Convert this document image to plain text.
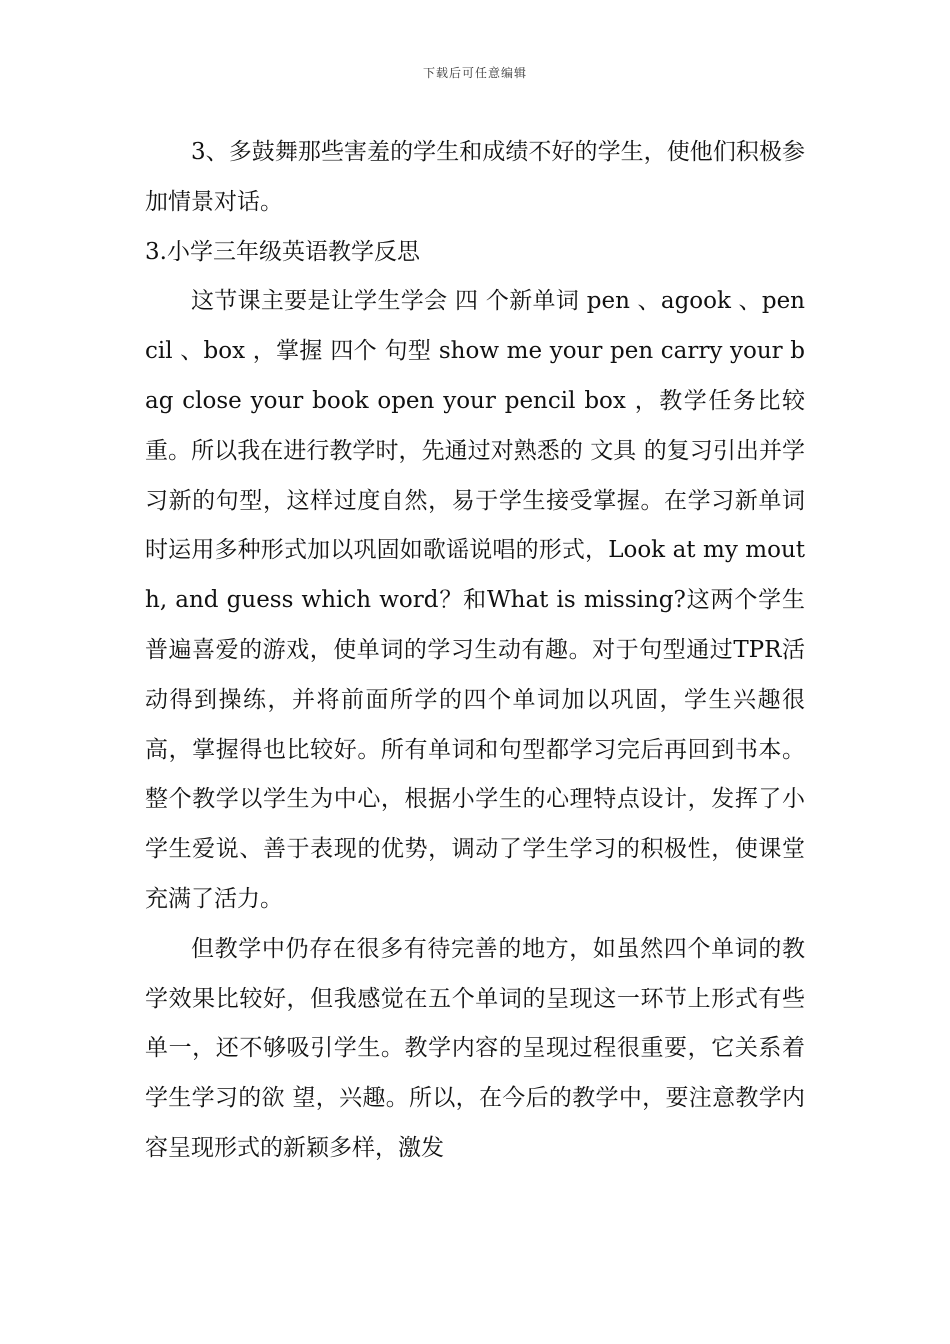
下载后可任意编辑

3、多鼓舞那些害羞的学生和成绩不好的学生，使他们积极参加情景对话。

3.小学三年级英语教学反思

这节课主要是让学生学会 四 个新单词 pen 、agook 、pencil 、box ，掌握 四个 句型 show me your pen carry your bag close your book open your pencil box ，教学任务比较重。所以我在进行教学时，先通过对熟悉的 文具 的复习引出并学习新的句型，这样过度自然，易于学生接受掌握。在学习新单词时运用多种形式加以巩固如歌谣说唱的形式，Look at my mouth, and guess which word？和What is missing?这两个学生普遍喜爱的游戏，使单词的学习生动有趣。对于句型通过TPR活动得到操练，并将前面所学的四个单词加以巩固，学生兴趣很高，掌握得也比较好。所有单词和句型都学习完后再回到书本。整个教学以学生为中心，根据小学生的心理特点设计，发挥了小学生爱说、善于表现的优势，调动了学生学习的积极性，使课堂充满了活力。

但教学中仍存在很多有待完善的地方，如虽然四个单词的教学效果比较好，但我感觉在五个单词的呈现这一环节上形式有些单一，还不够吸引学生。教学内容的呈现过程很重要，它关系着学生学习的欲 望，兴趣。所以，在今后的教学中，要注意教学内容呈现形式的新颖多样，激发
